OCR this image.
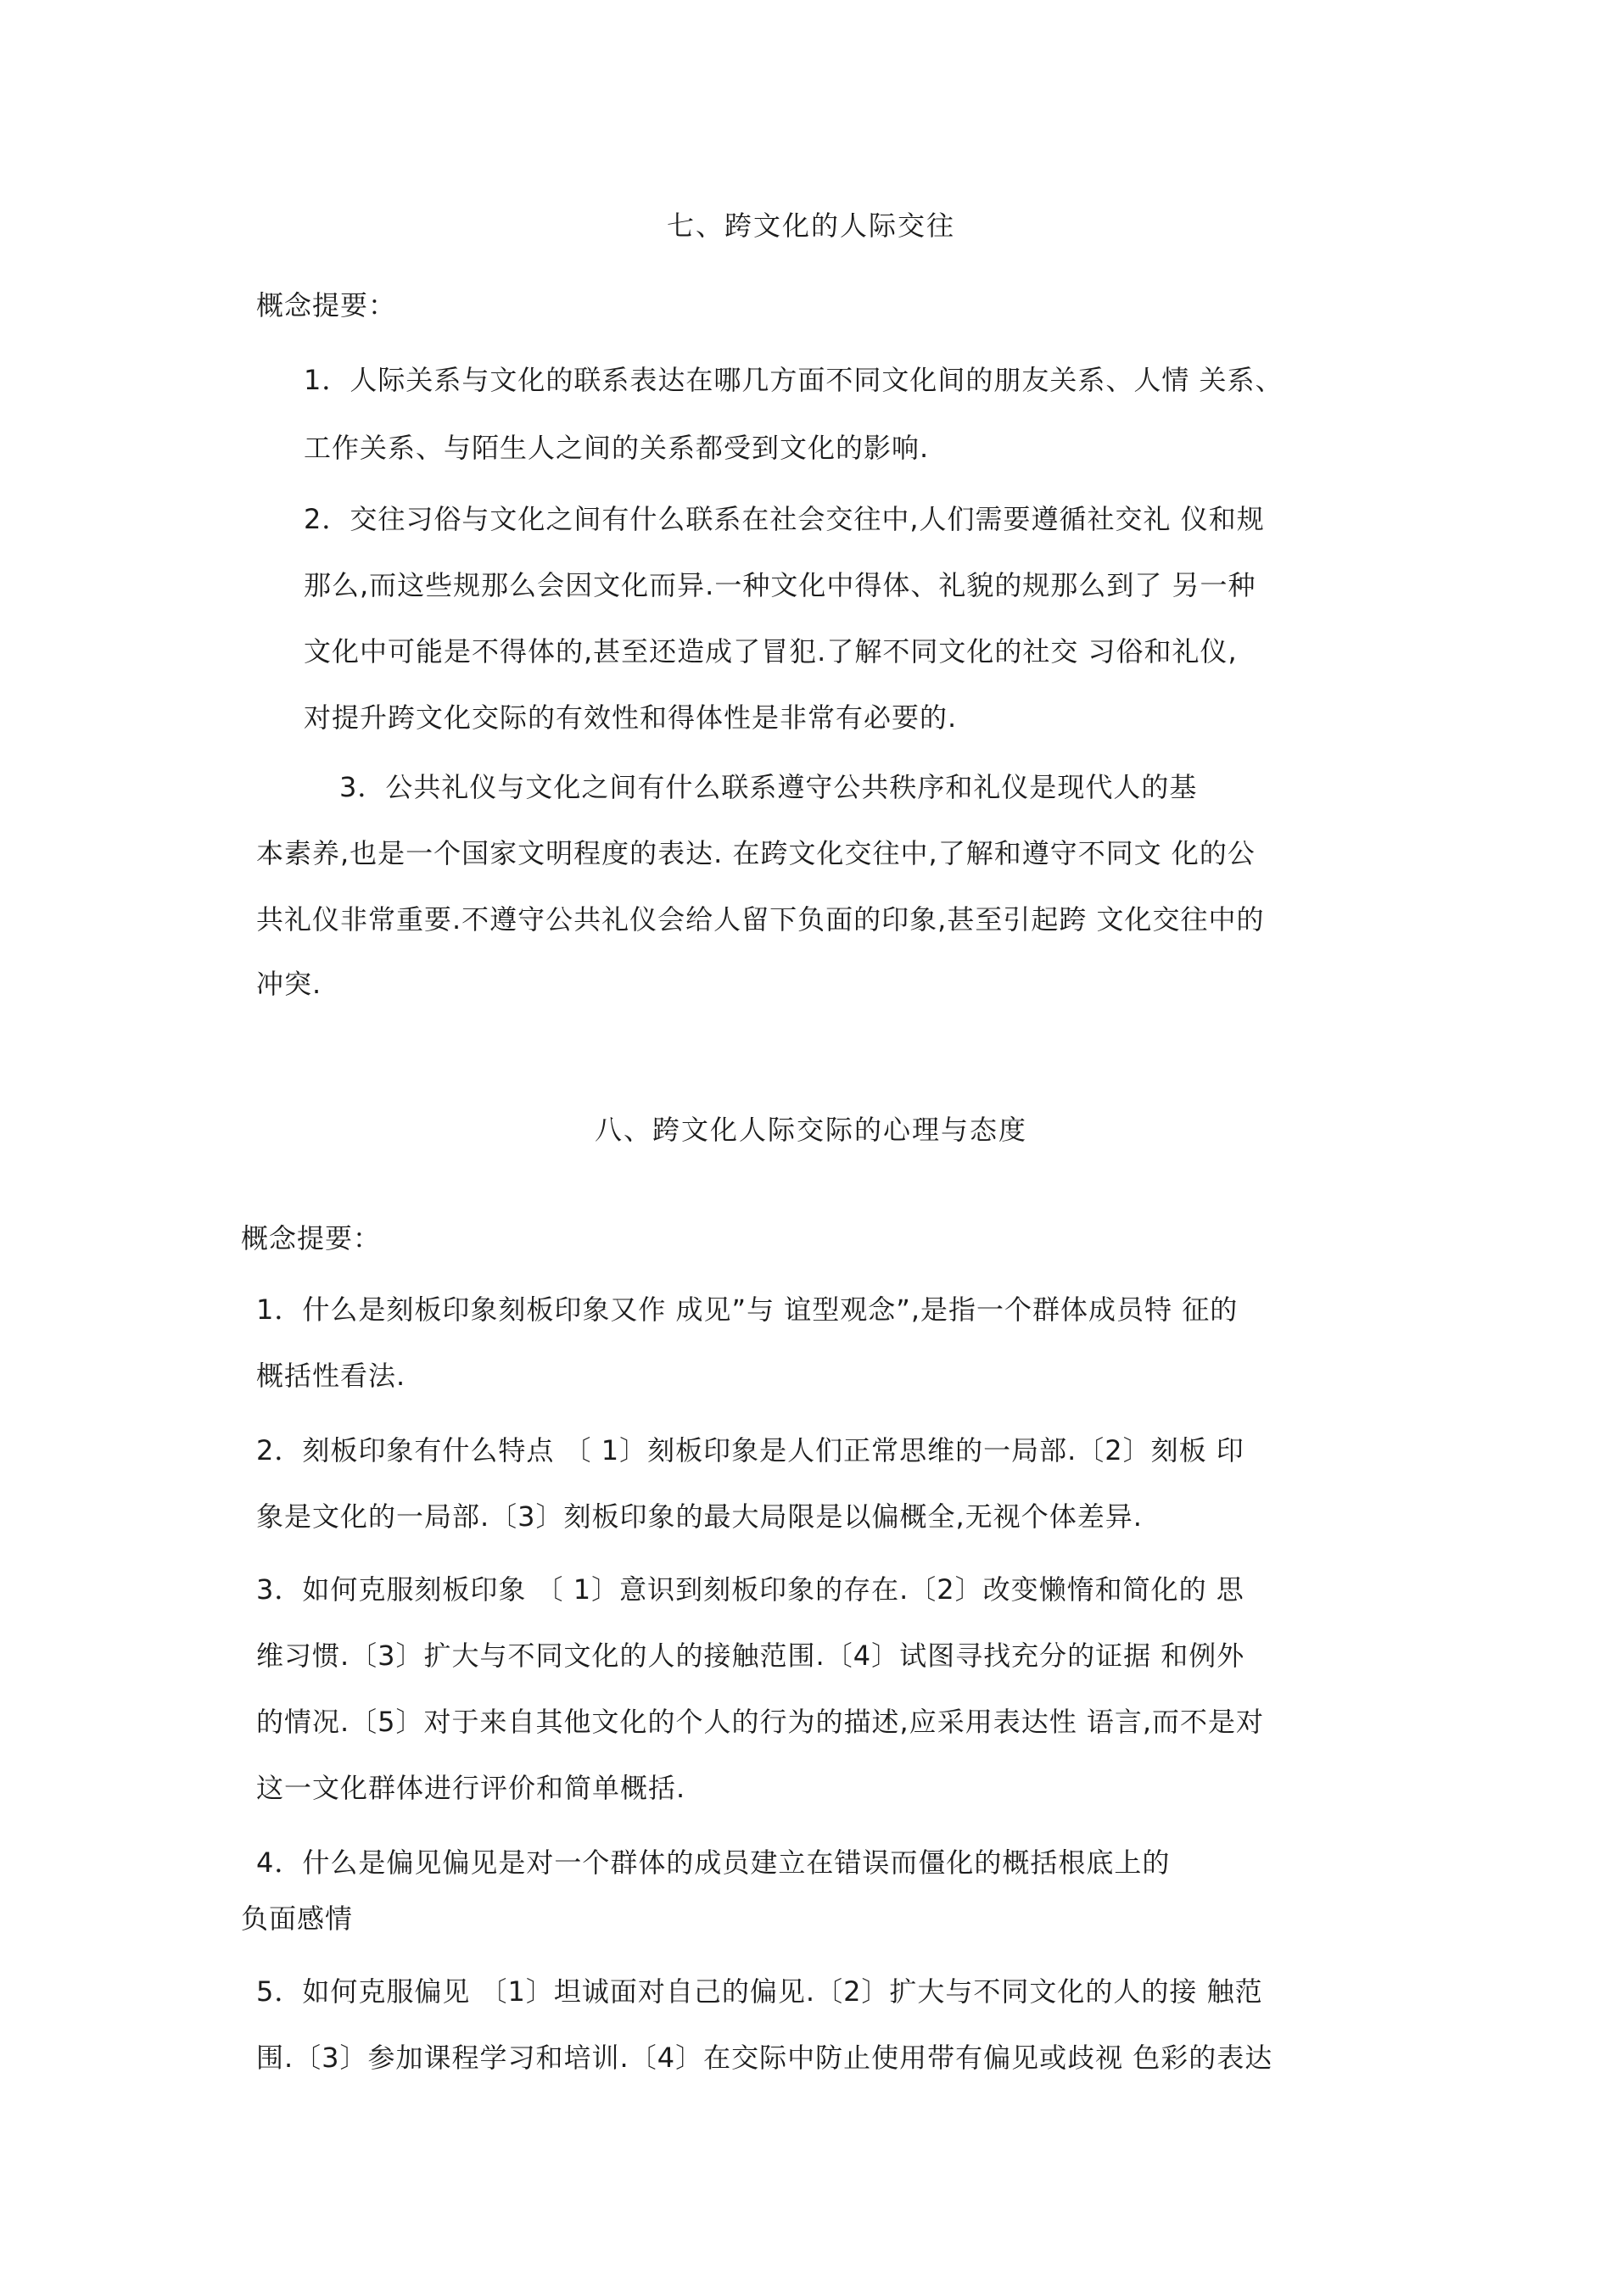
七、跨文化的人际交往
概念提要：
1．人际关系与文化的联系表达在哪几方面不同文化间的朋友关系、人情 关系、
工作关系、与陌生人之间的关系都受到文化的影响.
2．交往习俗与文化之间有什么联系在社会交往中,人们需要遵循社交礼 仪和规
那么,而这些规那么会因文化而异.一种文化中得体、礼貌的规那么到了 另一种
文化中可能是不得体的,甚至还造成了冒犯.了解不同文化的社交 习俗和礼仪,
对提升跨文化交际的有效性和得体性是非常有必要的.
3．公共礼仪与文化之间有什么联系遵守公共秩序和礼仪是现代人的基
本素养,也是一个国家文明程度的表达. 在跨文化交往中,了解和遵守不同文 化的公
共礼仪非常重要.不遵守公共礼仪会给人留下负面的印象,甚至引起跨 文化交往中的
冲突.
八、跨文化人际交际的心理与态度
概念提要：
1．什么是刻板印象刻板印象又作 成见”与 谊型观念”,是指一个群体成员特 征的
概括性看法.
2．刻板印象有什么特点 〔 1〕刻板印象是人们正常思维的一局部.〔2〕刻板 印
象是文化的一局部.〔3〕刻板印象的最大局限是以偏概全,无视个体差异.
3．如何克服刻板印象 〔 1〕意识到刻板印象的存在.〔2〕改变懒惰和简化的 思
维习惯.〔3〕扩大与不同文化的人的接触范围.〔4〕试图寻找充分的证据 和例外
的情况.〔5〕对于来自其他文化的个人的行为的描述,应采用表达性 语言,而不是对
这一文化群体进行评价和简单概括.
4．什么是偏见偏见是对一个群体的成员建立在错误而僵化的概括根底上的
负面感情
5．如何克服偏见 〔1〕坦诚面对自己的偏见.〔2〕扩大与不同文化的人的接 触范
围.〔3〕参加课程学习和培训.〔4〕在交际中防止使用带有偏见或歧视 色彩的表达
